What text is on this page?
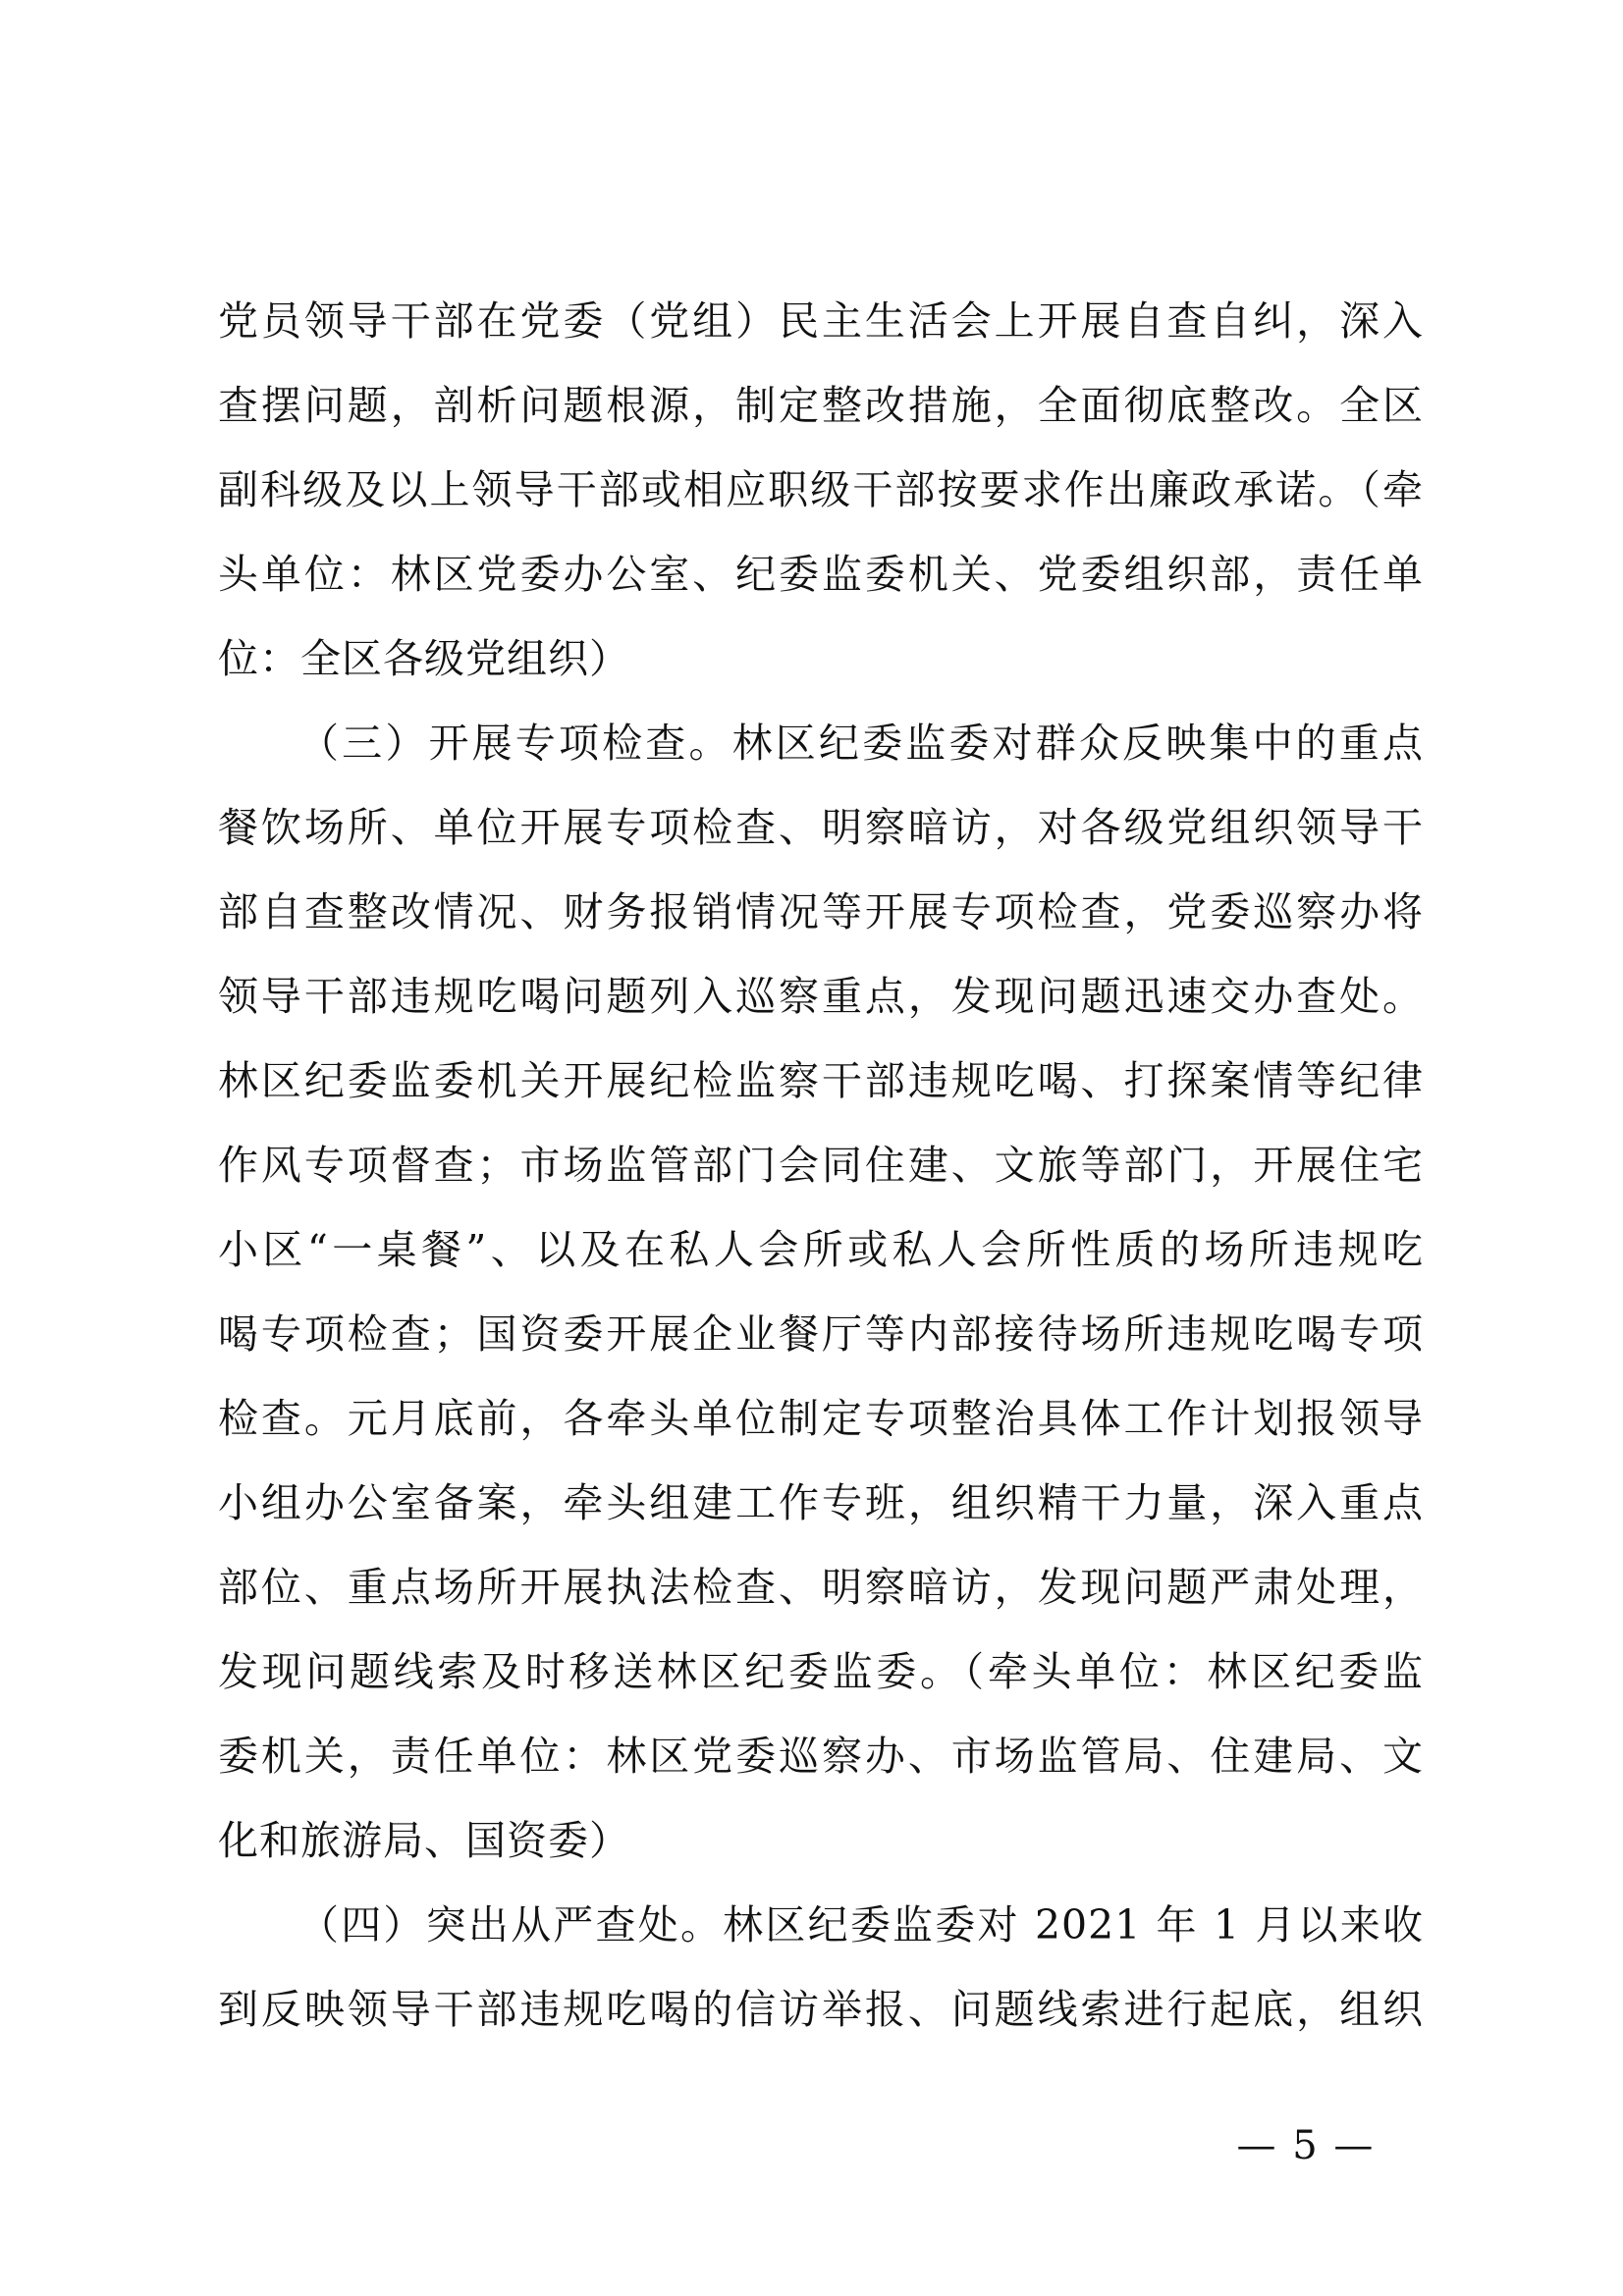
党员领导干部在党委（党组）民主生活会上开展自查自纠，深入
查摆问题，剖析问题根源，制定整改措施，全面彻底整改。全区
副科级及以上领导干部或相应职级干部按要求作出廉政承诺。（牵
头单位：林区党委办公室、纪委监委机关、党委组织部，责任单
位：全区各级党组织）
（三）开展专项检查。林区纪委监委对群众反映集中的重点
餐饮场所、单位开展专项检查、明察暗访，对各级党组织领导干
部自查整改情况、财务报销情况等开展专项检查，党委巡察办将
领导干部违规吃喝问题列入巡察重点，发现问题迅速交办查处。
林区纪委监委机关开展纪检监察干部违规吃喝、打探案情等纪律
作风专项督查；市场监管部门会同住建、文旅等部门，开展住宅
小区“一桌餐”、以及在私人会所或私人会所性质的场所违规吃
喝专项检查；国资委开展企业餐厅等内部接待场所违规吃喝专项
检查。元月底前，各牵头单位制定专项整治具体工作计划报领导
小组办公室备案，牵头组建工作专班，组织精干力量，深入重点
部位、重点场所开展执法检查、明察暗访，发现问题严肃处理，
发现问题线索及时移送林区纪委监委。（牵头单位：林区纪委监
委机关，责任单位：林区党委巡察办、市场监管局、住建局、文
化和旅游局、国资委）
（四）突出从严查处。林区纪委监委对 2021 年 1 月以来收
到反映领导干部违规吃喝的信访举报、问题线索进行起底，组织
— 5 —
